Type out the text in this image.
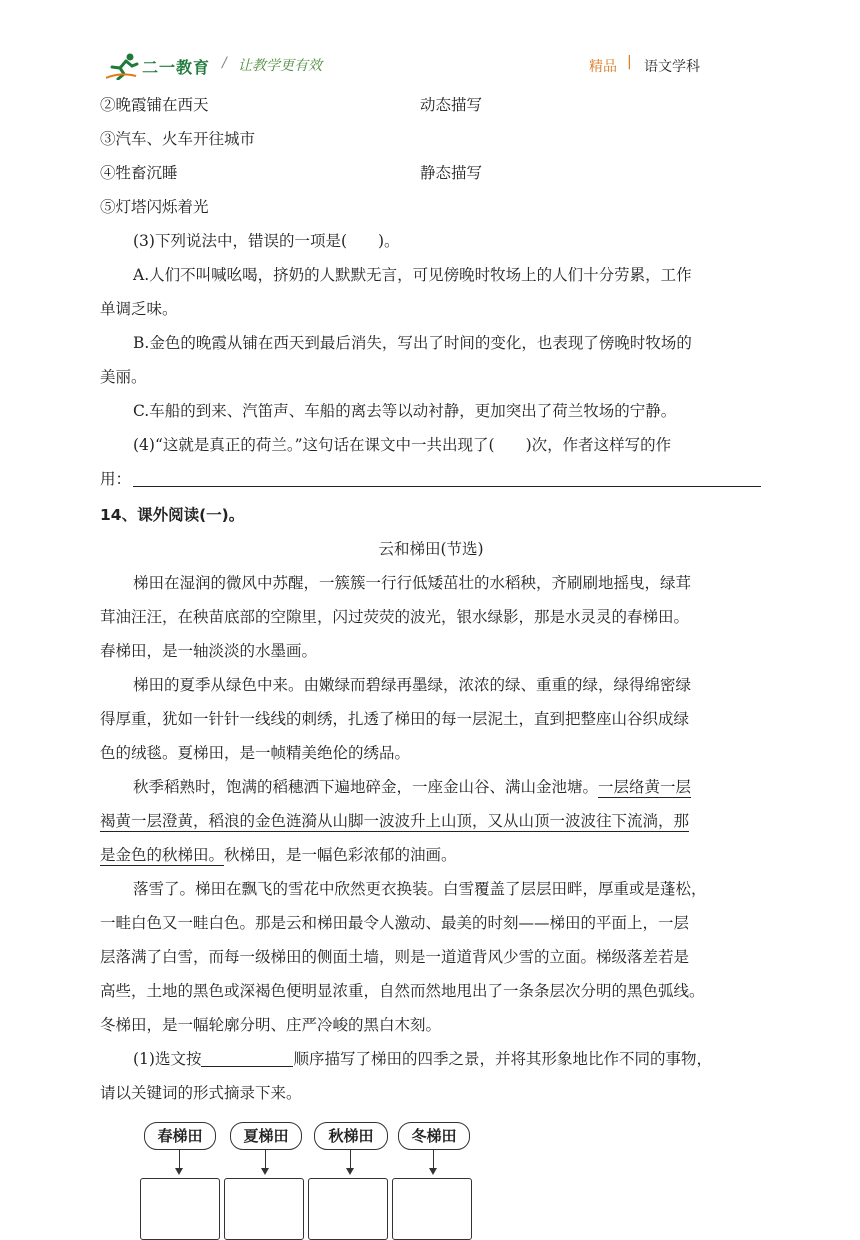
二一教育 / 让教学更有效	精品 | 语文学科
②晚霞铺在西天	动态描写
③汽车、火车开往城市
④牲畜沉睡	静态描写
⑤灯塔闪烁着光
(3)下列说法中，错误的一项是(　　)。
A.人们不叫喊吆喝，挤奶的人默默无言，可见傍晚时牧场上的人们十分劳累，工作
单调乏味。
B.金色的晚霞从铺在西天到最后消失，写出了时间的变化，也表现了傍晚时牧场的
美丽。
C.车船的到来、汽笛声、车船的离去等以动衬静，更加突出了荷兰牧场的宁静。
(4)“这就是真正的荷兰。”这句话在课文中一共出现了(　　)次，作者这样写的作
用：
14、课外阅读(一)。
云和梯田(节选)
梯田在湿润的微风中苏醒，一簇簇一行行低矮茁壮的水稻秧，齐刷刷地摇曳，绿茸
茸油汪汪，在秧苗底部的空隙里，闪过荧荧的波光，银水绿影，那是水灵灵的春梯田。
春梯田，是一轴淡淡的水墨画。
梯田的夏季从绿色中来。由嫩绿而碧绿再墨绿，浓浓的绿、重重的绿，绿得绵密绿
得厚重，犹如一针针一线线的刺绣，扎透了梯田的每一层泥土，直到把整座山谷织成绿
色的绒毯。夏梯田，是一帧精美绝伦的绣品。
秋季稻熟时，饱满的稻穗洒下遍地碎金，一座金山谷、满山金池塘。一层络黄一层
褐黄一层澄黄，稻浪的金色涟漪从山脚一波波升上山顶，又从山顶一波波往下流淌，那
是金色的秋梯田。秋梯田，是一幅色彩浓郁的油画。
落雪了。梯田在飘飞的雪花中欣然更衣换装。白雪覆盖了层层田畔，厚重或是蓬松，
一畦白色又一畦白色。那是云和梯田最令人激动、最美的时刻——梯田的平面上，一层
层落满了白雪，而每一级梯田的侧面土墙，则是一道道背风少雪的立面。梯级落差若是
高些，土地的黑色或深褐色便明显浓重，自然而然地甩出了一条条层次分明的黑色弧线。
冬梯田，是一幅轮廓分明、庄严冷峻的黑白木刻。
(1)选文按	顺序描写了梯田的四季之景，并将其形象地比作不同的事物，
请以关键词的形式摘录下来。
春梯田	夏梯田	秋梯田	冬梯田
